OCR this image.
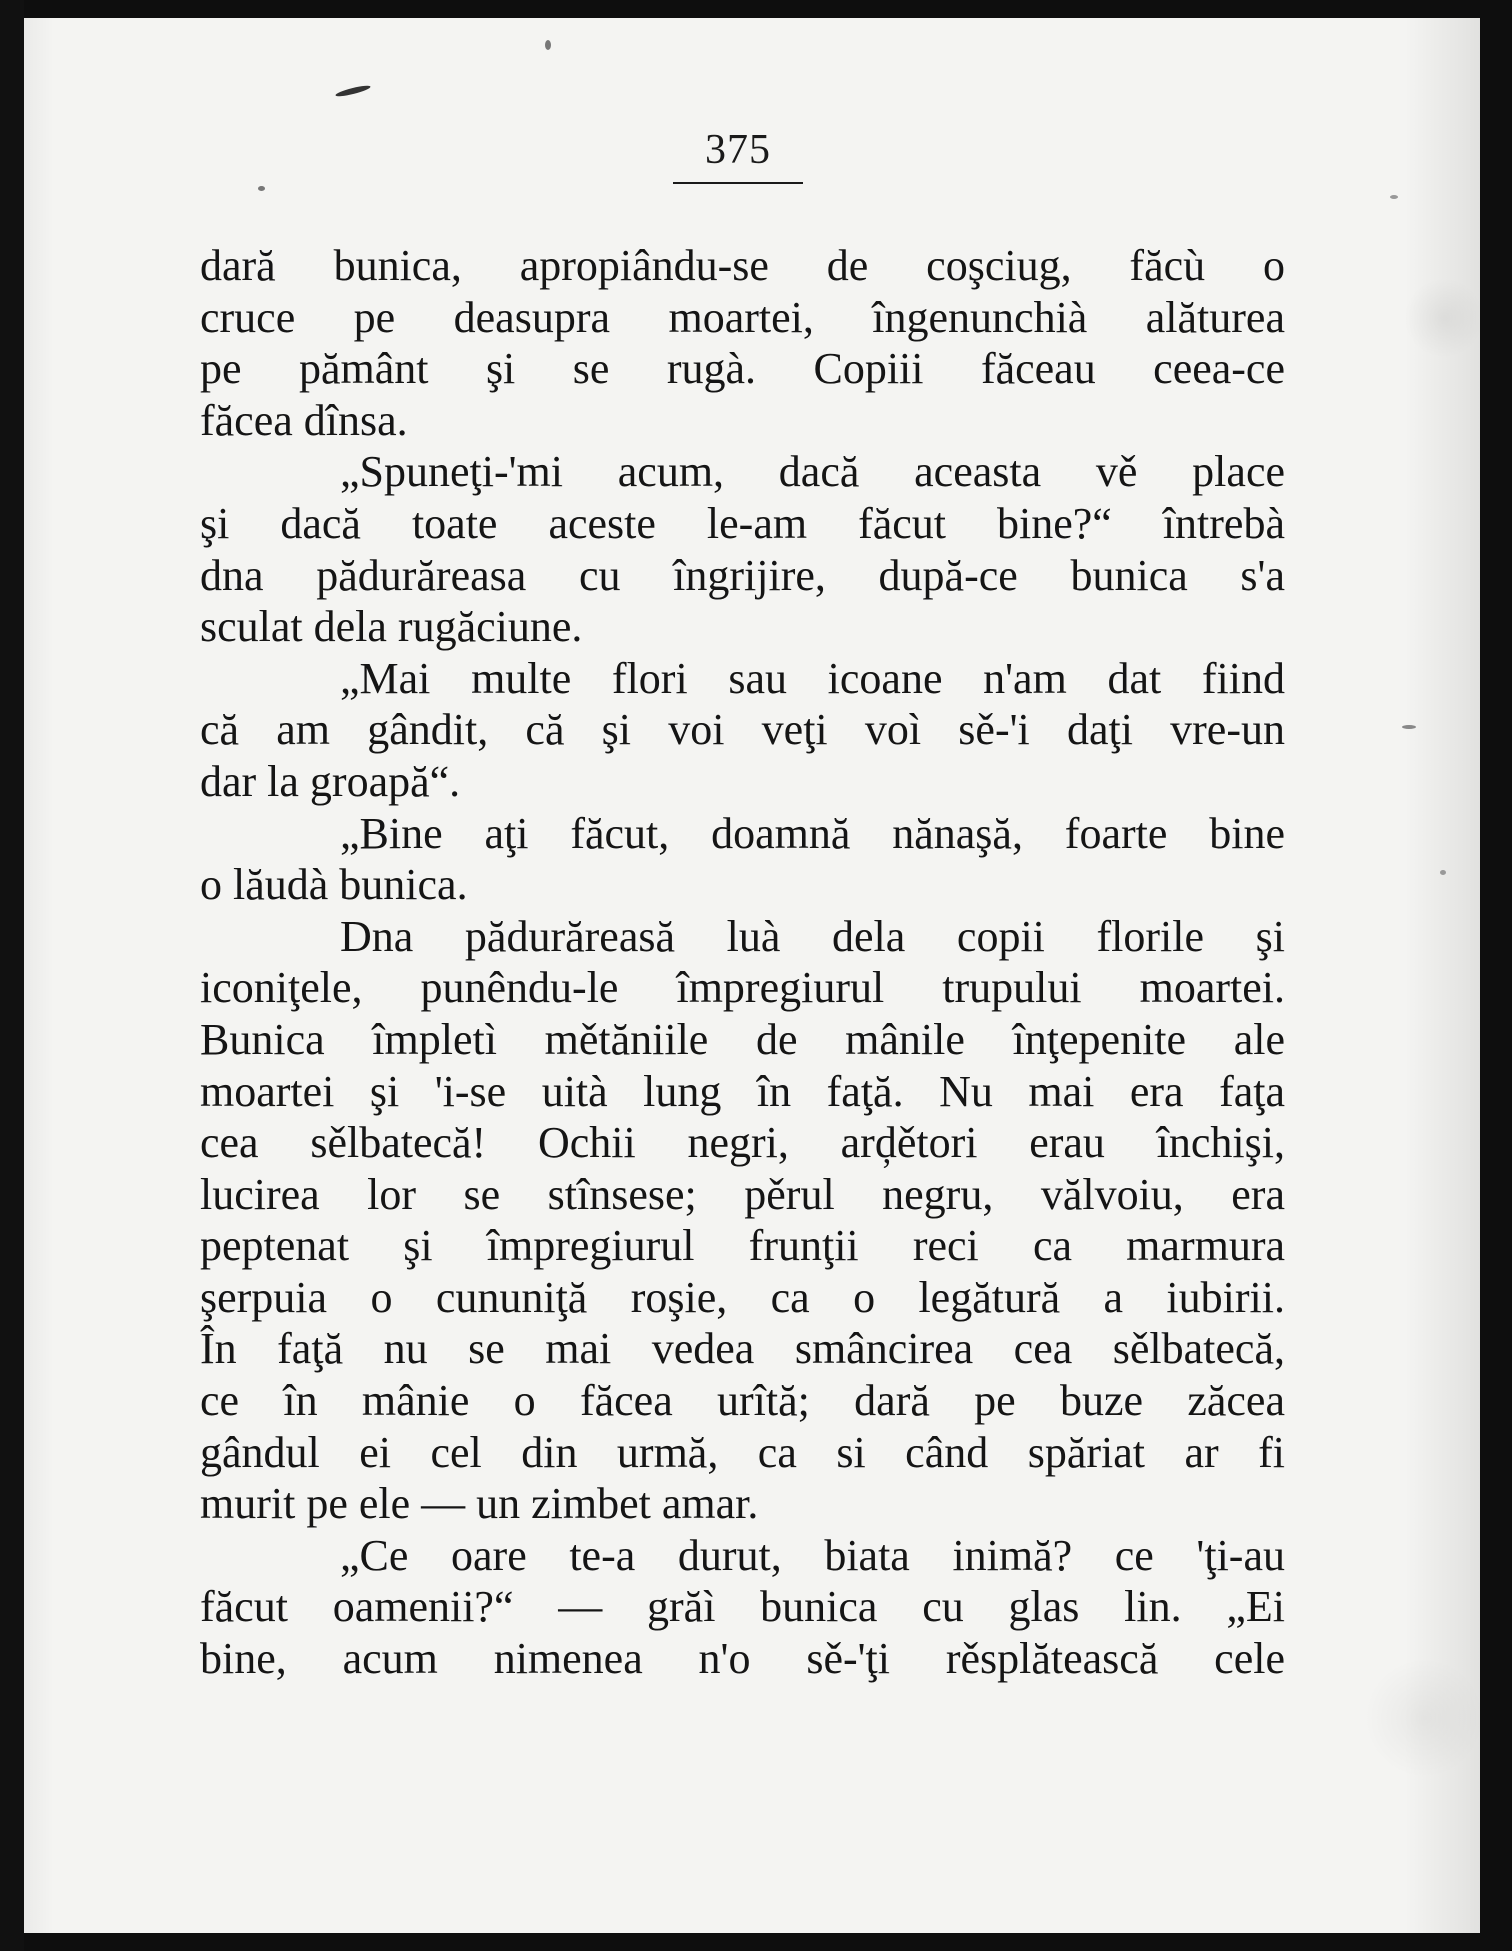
375
dară bunica, apropiându-se de coşciug, făcù o
cruce pe deasupra moartei, îngenunchià alăturea
pe pământ şi se rugà. Copiii făceau ceea-ce
făcea dînsa.
„Spuneţi-'mi acum, dacă aceasta vě place
şi dacă toate aceste le-am făcut bine?“ întrebà
dna pădurăreasa cu îngrijire, după-ce bunica s'a
sculat dela rugăciune.
„Mai multe flori sau icoane n'am dat fiind
că am gândit, că şi voi veţi voì sě-'i daţi vre-un
dar la groapă“.
„Bine aţi făcut, doamnă nănaşă, foarte bine
o lăudà bunica.
Dna pădurăreasă luà dela copii florile şi
iconiţele, punêndu-le împregiurul trupului moartei.
Bunica împletì mětăniile de mânile înţepenite ale
moartei şi 'i-se uità lung în faţă. Nu mai era faţa
cea sělbatecă! Ochii negri, arḑětori erau închişi,
lucirea lor se stînsese; pěrul negru, vălvoiu, era
peptenat şi împregiurul frunţii reci ca marmura
şerpuia o cununiţă roşie, ca o legătură a iubirii.
În faţă nu se mai vedea smâncirea cea sělbatecă,
ce în mânie o făcea urîtă; dară pe buze zăcea
gândul ei cel din urmă, ca si când spăriat ar fi
murit pe ele — un zimbet amar.
„Ce oare te-a durut, biata inimă? ce 'ţi-au
făcut oamenii?“ — grăì bunica cu glas lin. „Ei
bine, acum nimenea n'o sě-'ţi rěsplătească cele
